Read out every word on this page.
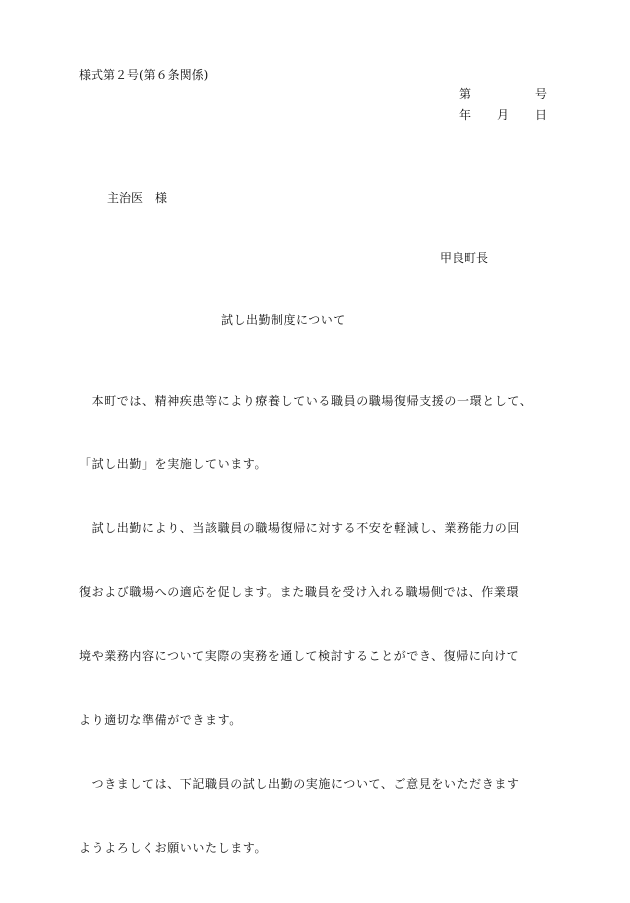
様式第２号(第６条関係)
第	号
年 月 日
主治医 様
甲良町長
試し出勤制度について

　本町では、精神疾患等により療養している職員の職場復帰支援の一環として、

「試し出勤」を実施しています。

　試し出勤により、当該職員の職場復帰に対する不安を軽減し、業務能力の回

復および職場への適応を促します。また職員を受け入れる職場側では、作業環

境や業務内容について実際の実務を通して検討することができ、復帰に向けて

より適切な準備ができます。

　つきましては、下記職員の試し出勤の実施について、ご意見をいただきます

ようよろしくお願いいたします。
